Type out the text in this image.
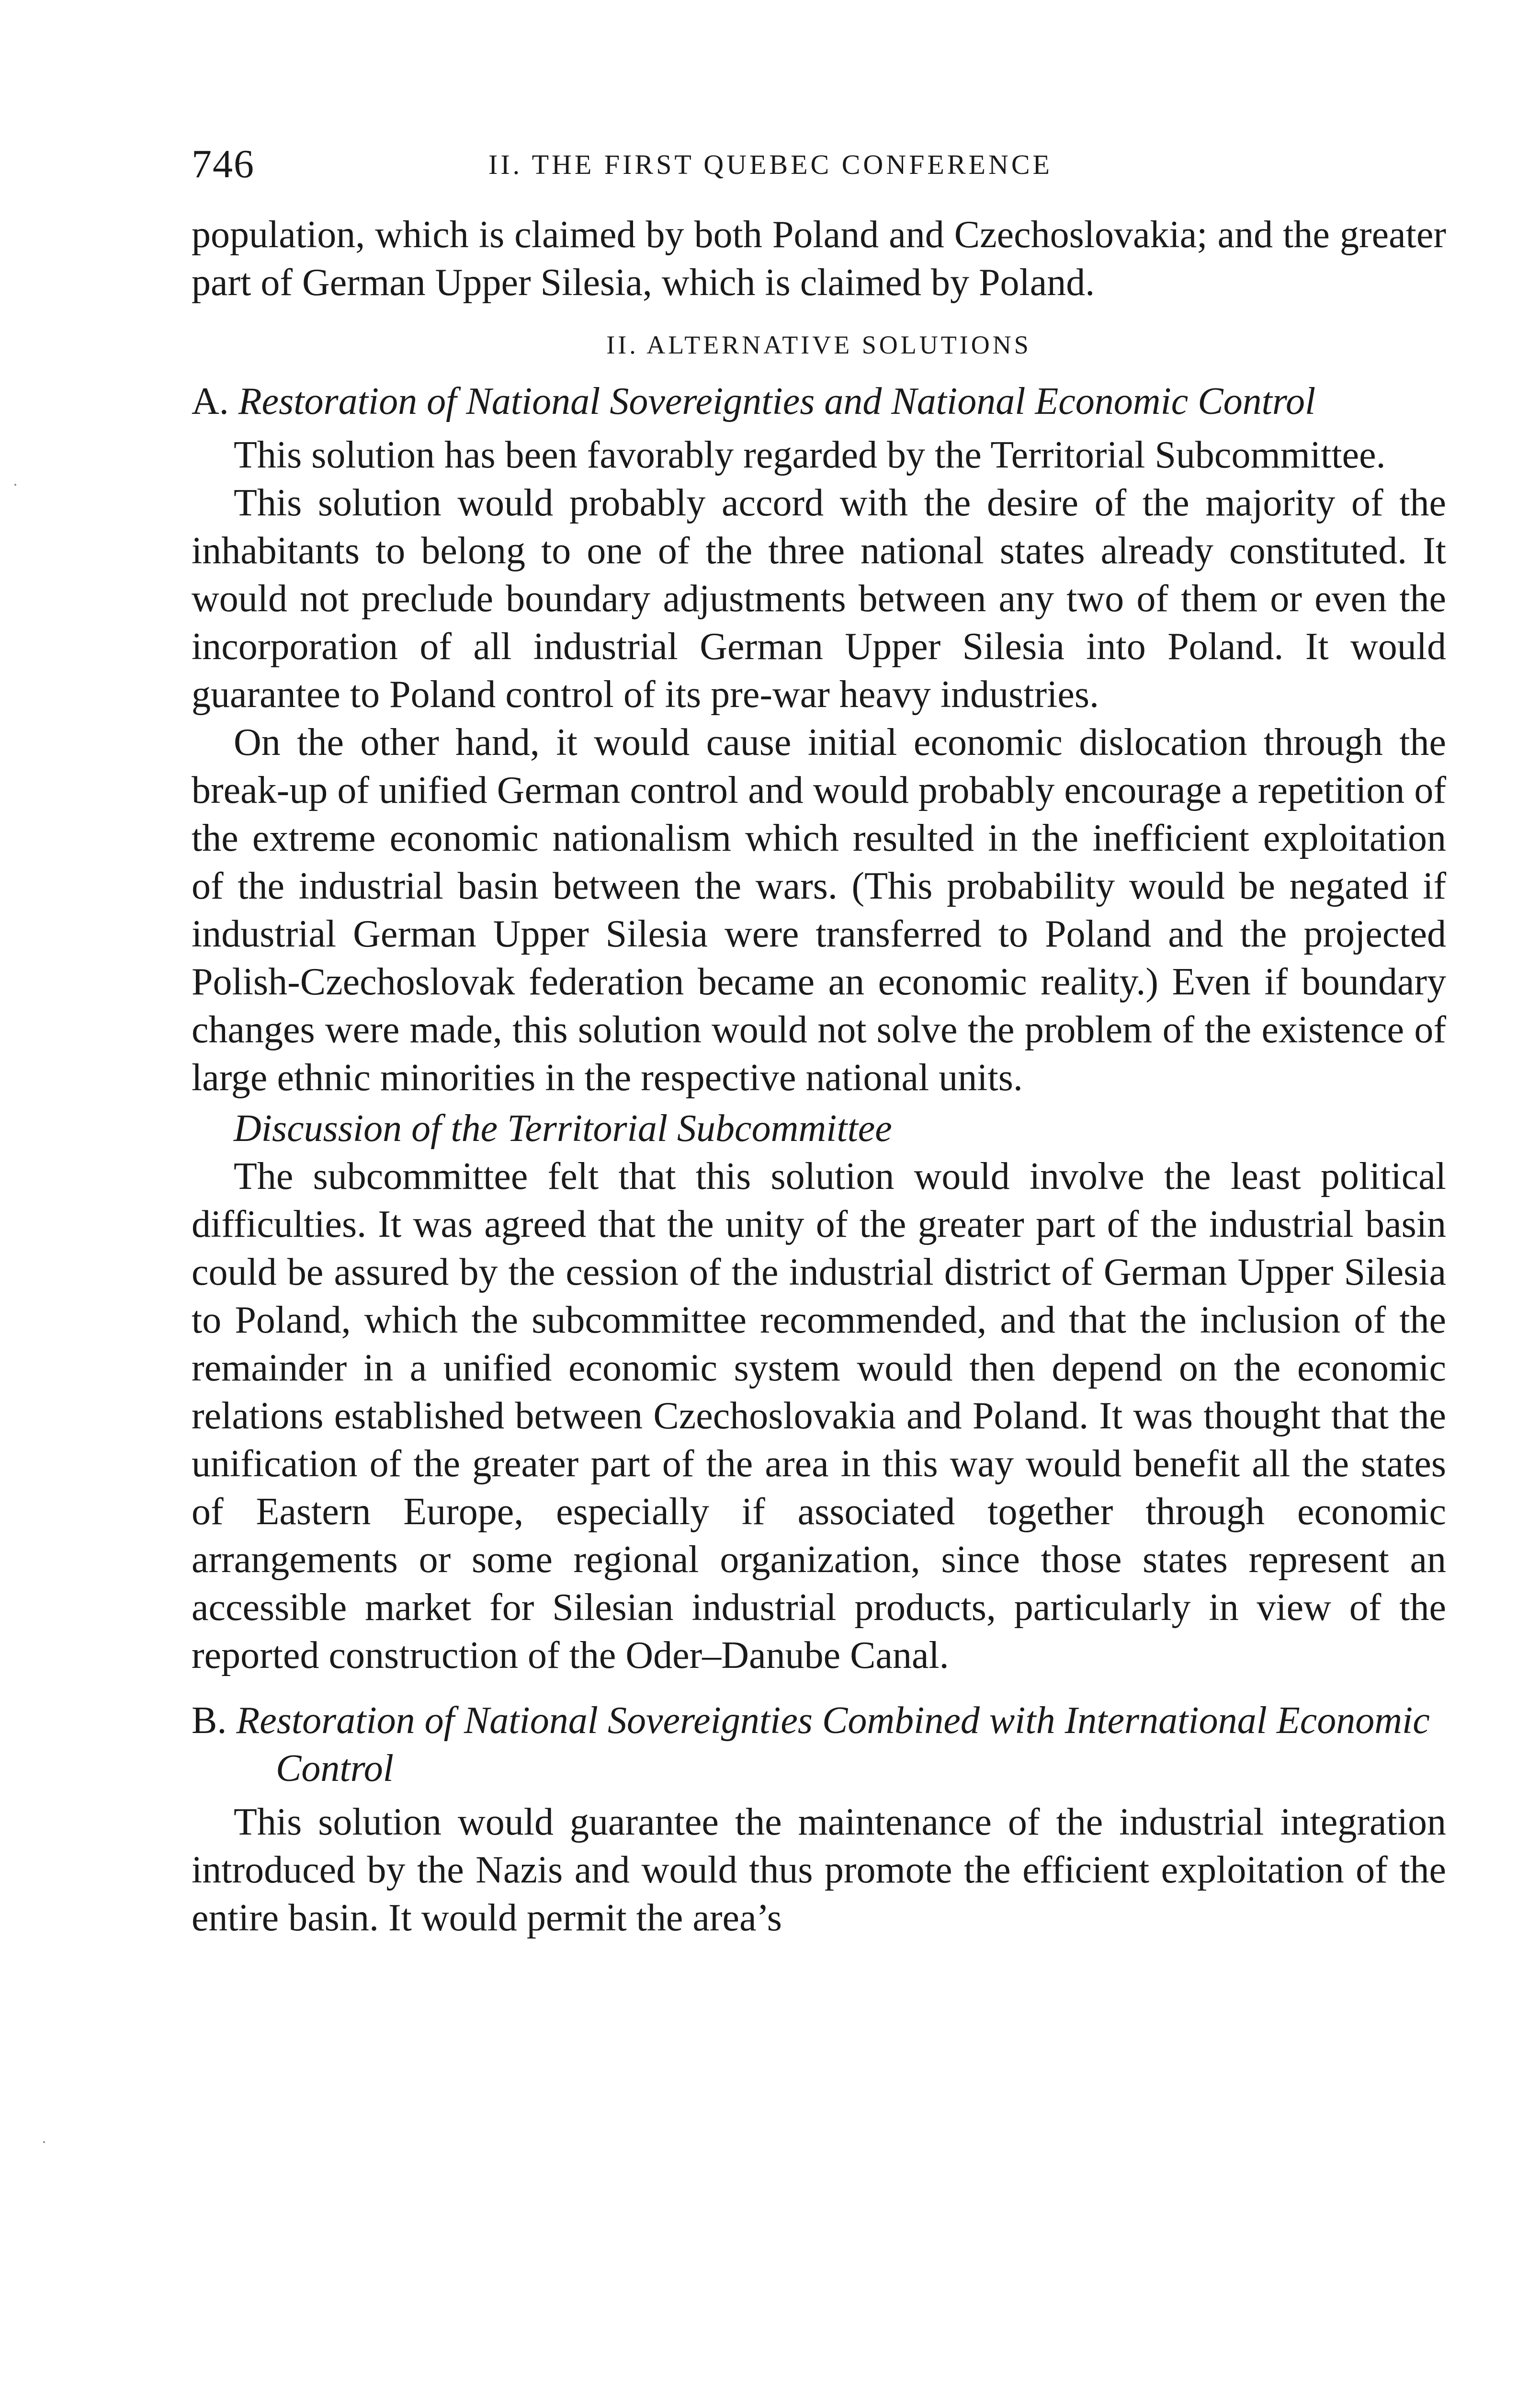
746	II. THE FIRST QUEBEC CONFERENCE

population, which is claimed by both Poland and Czechoslovakia; and the greater part of German Upper Silesia, which is claimed by Poland.

II. ALTERNATIVE SOLUTIONS

A. Restoration of National Sovereignties and National Economic Control

This solution has been favorably regarded by the Territorial Subcommittee.

This solution would probably accord with the desire of the majority of the inhabitants to belong to one of the three national states already constituted. It would not preclude boundary adjustments between any two of them or even the incorporation of all industrial German Upper Silesia into Poland. It would guarantee to Poland control of its pre-war heavy industries.

On the other hand, it would cause initial economic dislocation through the break-up of unified German control and would probably encourage a repetition of the extreme economic nationalism which resulted in the inefficient exploitation of the industrial basin between the wars. (This probability would be negated if industrial German Upper Silesia were transferred to Poland and the projected Polish-Czechoslovak federation became an economic reality.) Even if boundary changes were made, this solution would not solve the problem of the existence of large ethnic minorities in the respective national units.

Discussion of the Territorial Subcommittee

The subcommittee felt that this solution would involve the least political difficulties. It was agreed that the unity of the greater part of the industrial basin could be assured by the cession of the industrial district of German Upper Silesia to Poland, which the subcommittee recommended, and that the inclusion of the remainder in a unified economic system would then depend on the economic relations established between Czechoslovakia and Poland. It was thought that the unification of the greater part of the area in this way would benefit all the states of Eastern Europe, especially if associated together through economic arrangements or some regional organization, since those states represent an accessible market for Silesian industrial products, particularly in view of the reported construction of the Oder–Danube Canal.

B. Restoration of National Sovereignties Combined with International Economic Control

This solution would guarantee the maintenance of the industrial integration introduced by the Nazis and would thus promote the efficient exploitation of the entire basin. It would permit the area’s
